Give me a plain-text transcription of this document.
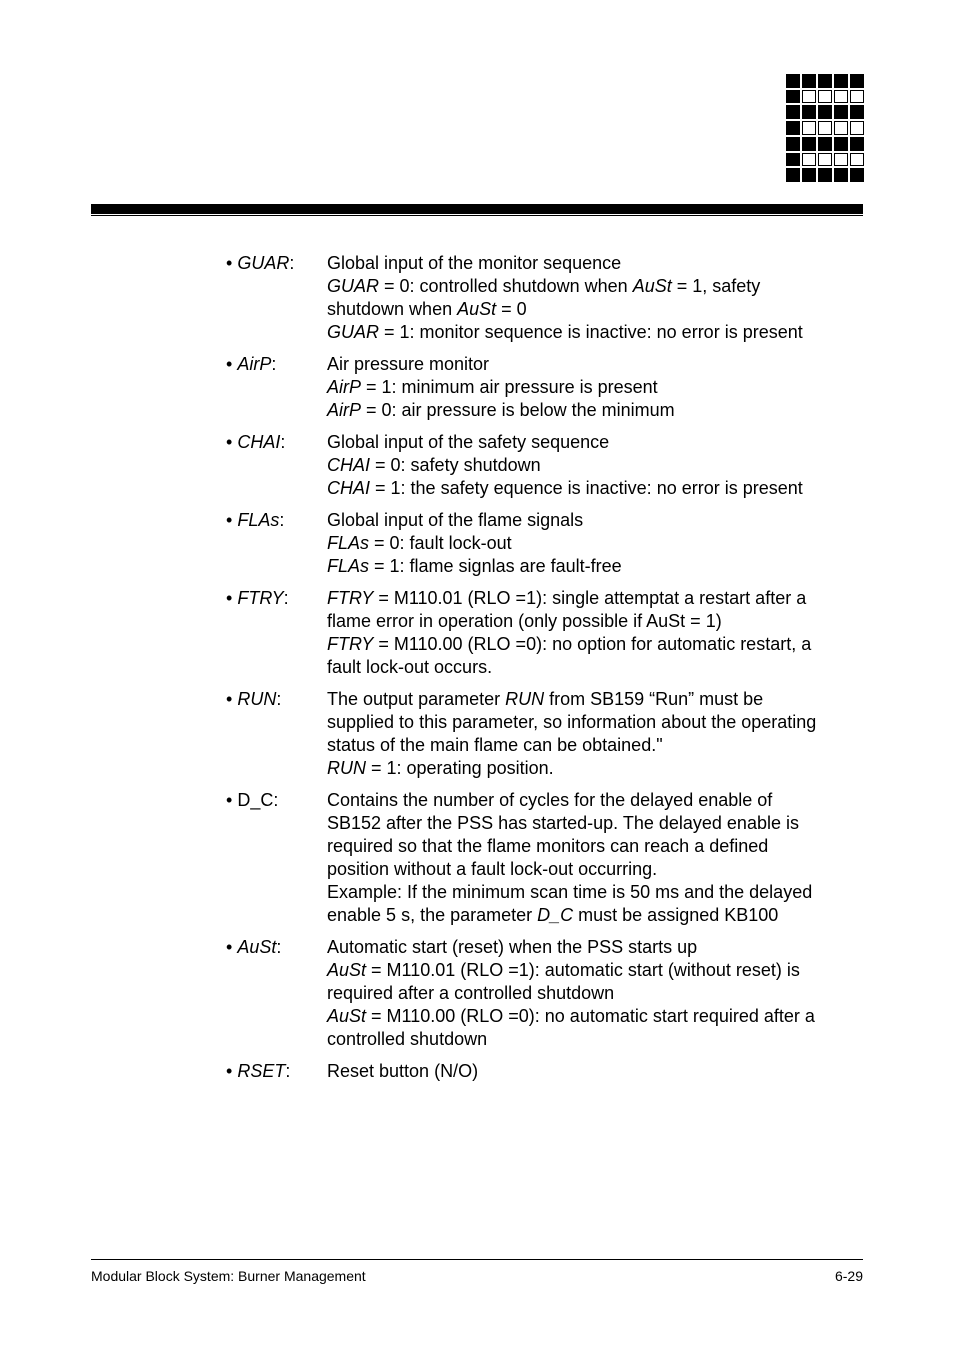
• GUAR:	Global input of the monitor sequence
GUAR = 0: controlled shutdown when AuSt = 1, safety
shutdown when AuSt = 0
GUAR = 1: monitor sequence is inactive: no error is present
• AirP:	Air pressure monitor
AirP = 1: minimum air pressure is present
AirP = 0: air pressure is below the minimum
• CHAI:	Global input of the safety sequence
CHAI = 0: safety shutdown
CHAI = 1: the safety equence is inactive: no error is present
• FLAs:	Global input of the flame signals
FLAs = 0: fault lock-out
FLAs = 1: flame signlas are fault-free
• FTRY:	FTRY = M110.01 (RLO =1): single attemptat a restart after a
flame error in operation (only possible if AuSt = 1)
FTRY = M110.00 (RLO =0): no option for automatic restart, a
fault lock-out occurs.
• RUN:	The output parameter RUN from SB159 “Run” must be
supplied to this parameter, so information about the operating
status of the main flame can be obtained."
RUN = 1: operating position.
• D_C:	Contains the number of cycles for the delayed enable of
SB152 after the PSS has started-up. The delayed enable is
required so that the flame monitors can reach a defined
position without a fault lock-out occurring.
Example: If the minimum scan time is 50 ms and the delayed
enable 5 s, the parameter D_C must be assigned KB100
• AuSt:	Automatic start (reset) when the PSS starts up
AuSt = M110.01 (RLO =1): automatic start (without reset) is
required after a controlled shutdown
AuSt = M110.00 (RLO =0): no automatic start required after a
controlled shutdown
• RSET:	Reset button (N/O)
Modular Block System: Burner Management	6-29
